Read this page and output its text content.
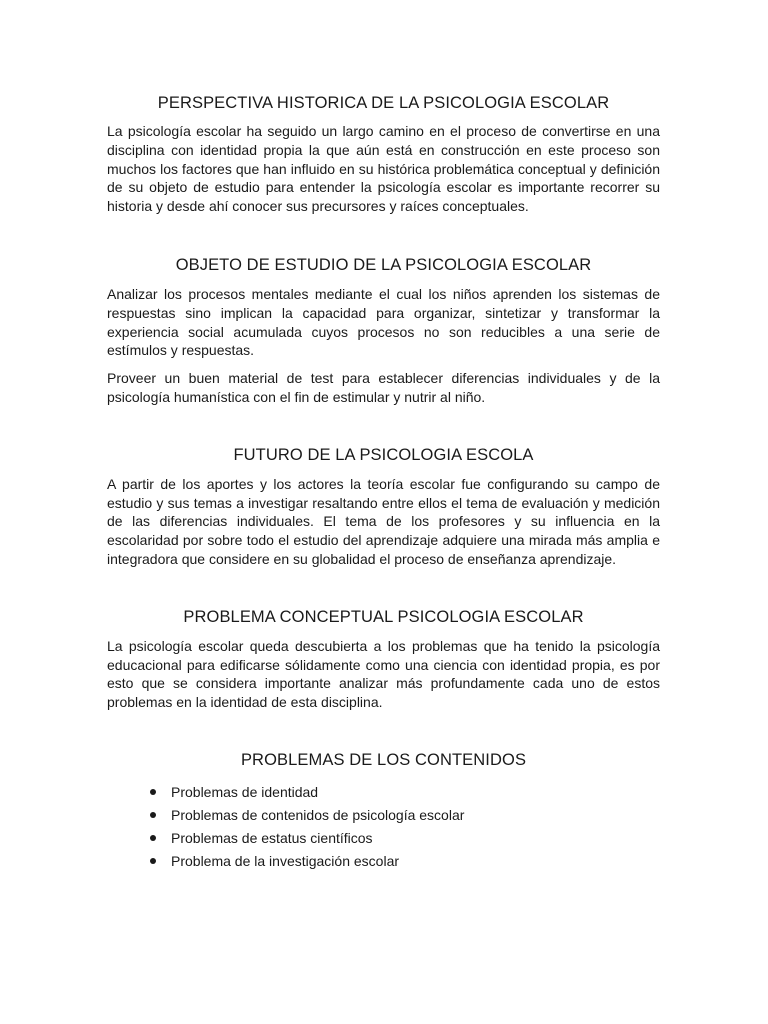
PERSPECTIVA HISTORICA DE LA PSICOLOGIA ESCOLAR

La psicología escolar ha seguido un largo camino en el proceso de convertirse en una disciplina con identidad propia la que aún está en construcción en este proceso son muchos los factores que han influido en su histórica problemática conceptual y definición de su objeto de estudio para entender la psicología escolar es importante recorrer su historia y desde ahí conocer sus precursores y raíces conceptuales.

OBJETO DE ESTUDIO DE LA PSICOLOGIA ESCOLAR

Analizar los procesos mentales mediante el cual los niños aprenden los sistemas de respuestas sino implican la capacidad para organizar, sintetizar y transformar la experiencia social acumulada cuyos procesos no son reducibles a una serie de estímulos y respuestas.

Proveer un buen material de test para establecer diferencias individuales y de la psicología humanística con el fin de estimular y nutrir al niño.

FUTURO DE LA PSICOLOGIA ESCOLA

A partir de los aportes y los actores la teoría escolar fue configurando su campo de estudio y sus temas a investigar resaltando entre ellos el tema de evaluación y medición de las diferencias individuales. El tema de los profesores y su influencia en la escolaridad por sobre todo el estudio del aprendizaje adquiere una mirada más amplia e integradora que considere en su globalidad el proceso de enseñanza aprendizaje.

PROBLEMA CONCEPTUAL PSICOLOGIA ESCOLAR

La psicología escolar queda descubierta a los problemas que ha tenido la psicología educacional para edificarse sólidamente como una ciencia con identidad propia, es por esto que se considera importante analizar más profundamente cada uno de estos problemas en la identidad de esta disciplina.

PROBLEMAS DE LOS CONTENIDOS
Problemas de identidad
Problemas de contenidos de psicología escolar
Problemas de estatus científicos
Problema de la investigación escolar
